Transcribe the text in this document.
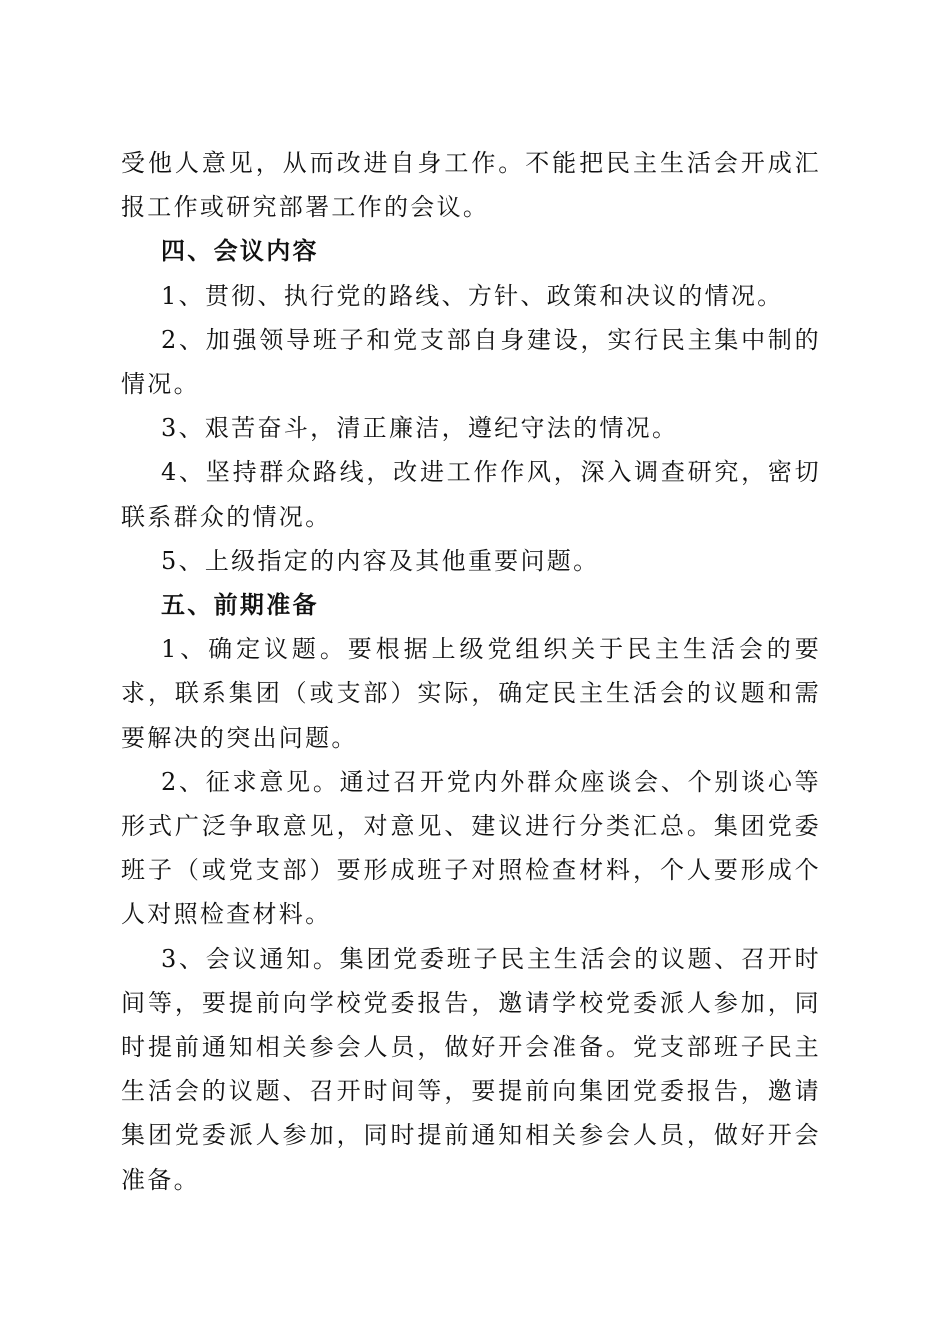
受他人意见，从而改进自身工作。不能把民主生活会开成汇报工作或研究部署工作的会议。

四、会议内容

1、贯彻、执行党的路线、方针、政策和决议的情况。

2、加强领导班子和党支部自身建设，实行民主集中制的情况。

3、艰苦奋斗，清正廉洁，遵纪守法的情况。

4、坚持群众路线，改进工作作风，深入调查研究，密切联系群众的情况。

5、上级指定的内容及其他重要问题。

五、前期准备

1、确定议题。要根据上级党组织关于民主生活会的要求，联系集团（或支部）实际，确定民主生活会的议题和需要解决的突出问题。

2、征求意见。通过召开党内外群众座谈会、个别谈心等形式广泛争取意见，对意见、建议进行分类汇总。集团党委班子（或党支部）要形成班子对照检查材料，个人要形成个人对照检查材料。

3、会议通知。集团党委班子民主生活会的议题、召开时间等，要提前向学校党委报告，邀请学校党委派人参加，同时提前通知相关参会人员，做好开会准备。党支部班子民主生活会的议题、召开时间等，要提前向集团党委报告，邀请集团党委派人参加，同时提前通知相关参会人员，做好开会准备。
